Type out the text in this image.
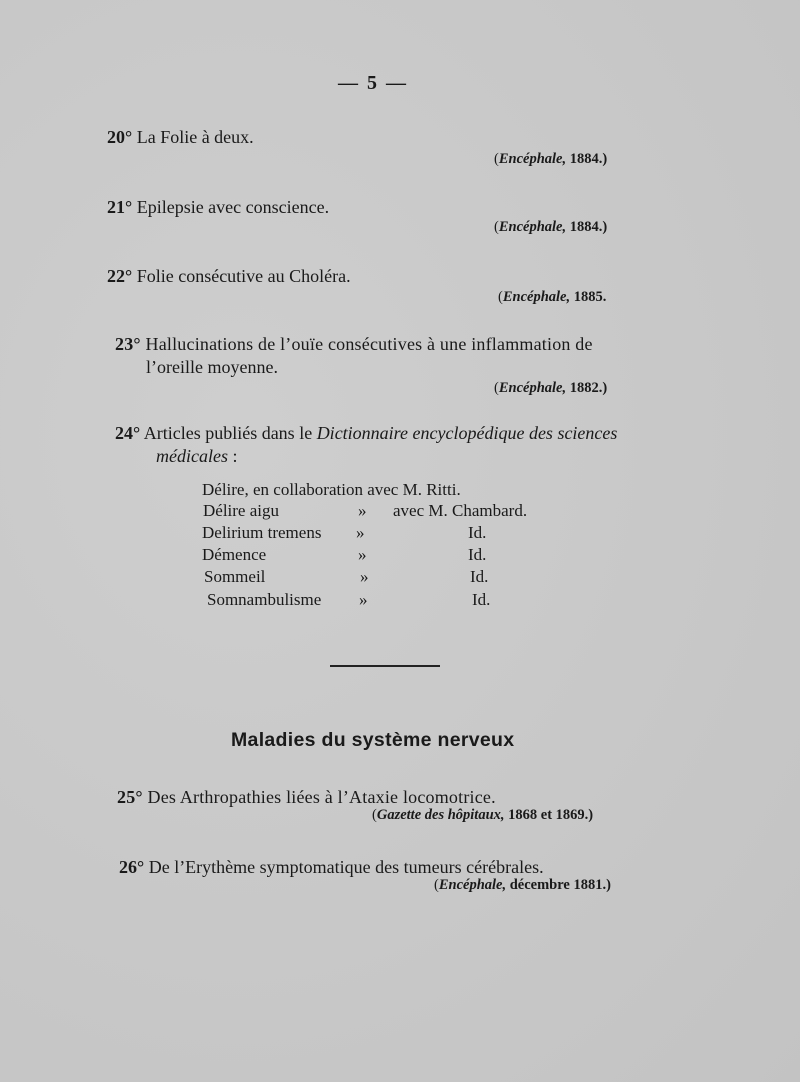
— 5 —
20° La Folie à deux.
(Encéphale, 1884.)
21° Epilepsie avec conscience.
(Encéphale, 1884.)
22° Folie consécutive au Choléra.
(Encéphale, 1885.
23° Hallucinations de l’ouïe consécutives à une inflammation de
l’oreille moyenne.
(Encéphale, 1882.)
24° Articles publiés dans le Dictionnaire encyclopédique des sciences
médicales :
Délire, en collaboration avec M. Ritti.
Délire aigu	» avec M. Chambard.
Delirium tremens »	Id.
Démence	»	Id.
Sommeil	»	Id.
Somnambulisme »	Id.
Maladies du système nerveux
25° Des Arthropathies liées à l’Ataxie locomotrice.
(Gazette des hôpitaux, 1868 et 1869.)
26° De l’Erythème symptomatique des tumeurs cérébrales.
(Encéphale, décembre 1881.)
